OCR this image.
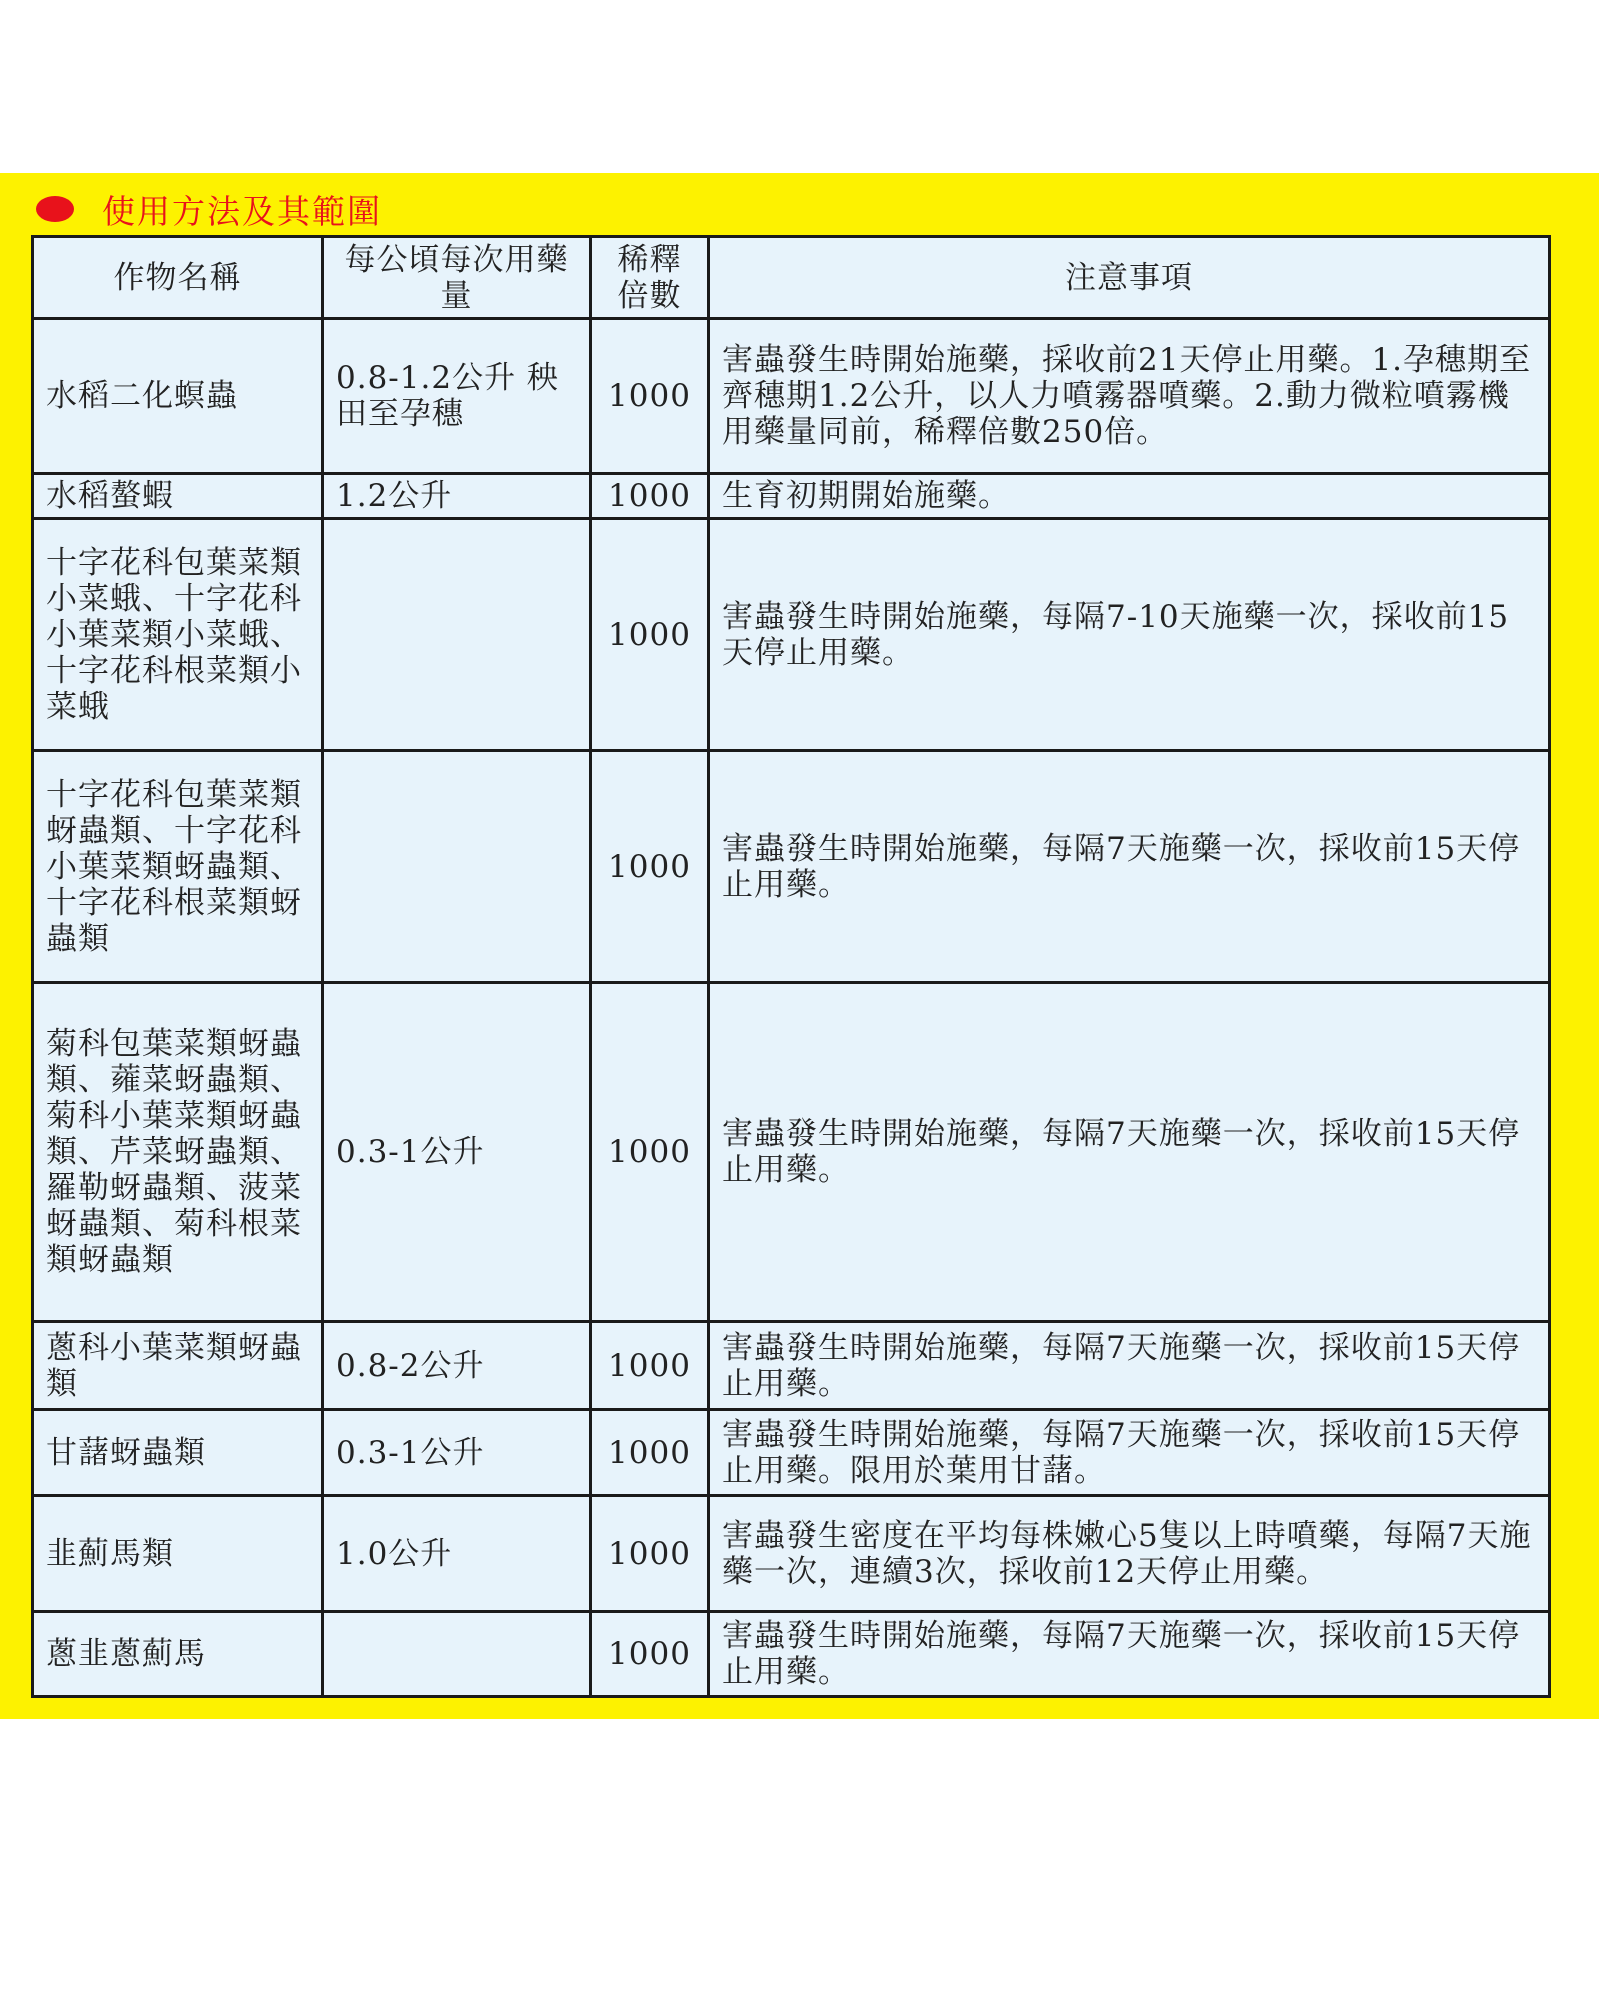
使用方法及其範圍
作物名稱	每公頃每次用藥量	稀釋倍數	注意事項
水稻二化螟蟲	0.8-1.2公升 秧田至孕穗	1000	害蟲發生時開始施藥，採收前21天停止用藥。1.孕穗期至齊穗期1.2公升，以人力噴霧器噴藥。2.動力微粒噴霧機用藥量同前，稀釋倍數250倍。
水稻螯蝦	1.2公升	1000	生育初期開始施藥。
十字花科包葉菜類小菜蛾、十字花科小葉菜類小菜蛾、十字花科根菜類小菜蛾		1000	害蟲發生時開始施藥，每隔7-10天施藥一次，採收前15天停止用藥。
十字花科包葉菜類蚜蟲類、十字花科小葉菜類蚜蟲類、十字花科根菜類蚜蟲類		1000	害蟲發生時開始施藥，每隔7天施藥一次，採收前15天停止用藥。
菊科包葉菜類蚜蟲類、蕹菜蚜蟲類、菊科小葉菜類蚜蟲類、芹菜蚜蟲類、羅勒蚜蟲類、菠菜蚜蟲類、菊科根菜類蚜蟲類	0.3-1公升	1000	害蟲發生時開始施藥，每隔7天施藥一次，採收前15天停止用藥。
蔥科小葉菜類蚜蟲類	0.8-2公升	1000	害蟲發生時開始施藥，每隔7天施藥一次，採收前15天停止用藥。
甘藷蚜蟲類	0.3-1公升	1000	害蟲發生時開始施藥，每隔7天施藥一次，採收前15天停止用藥。限用於葉用甘藷。
韭薊馬類	1.0公升	1000	害蟲發生密度在平均每株嫩心5隻以上時噴藥，每隔7天施藥一次，連續3次，採收前12天停止用藥。
蔥韭蔥薊馬		1000	害蟲發生時開始施藥，每隔7天施藥一次，採收前15天停止用藥。
